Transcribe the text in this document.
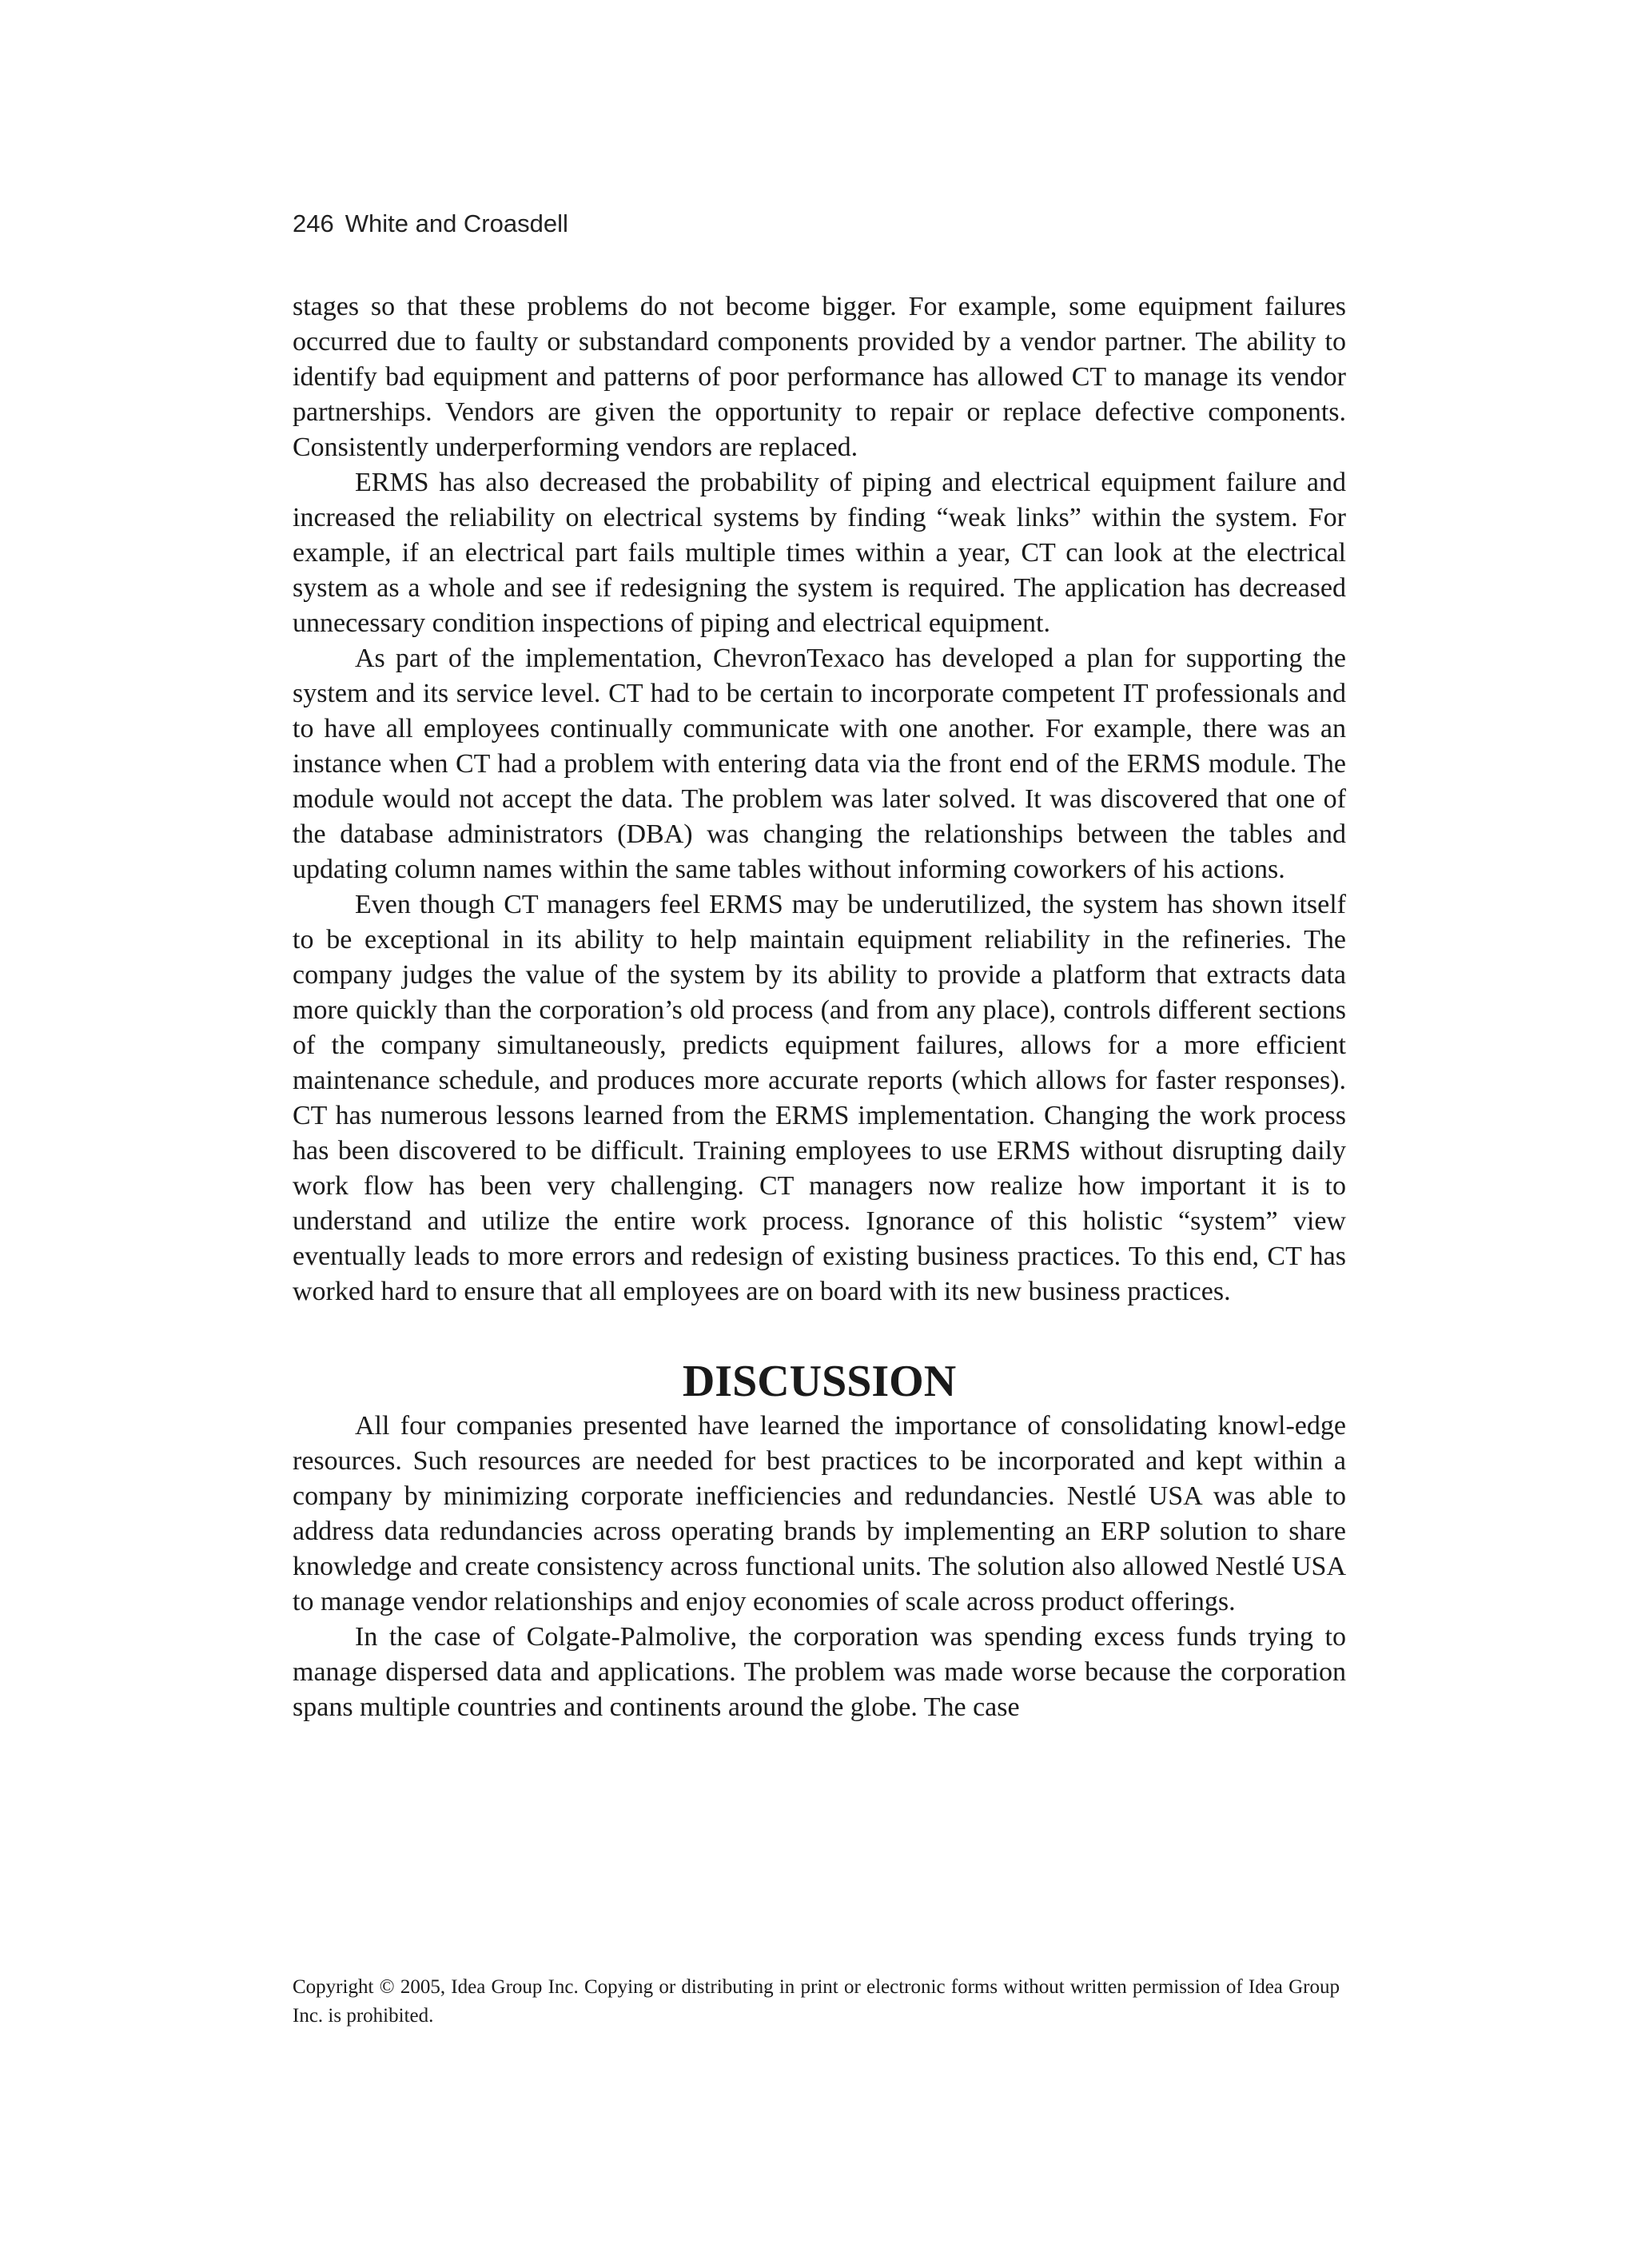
246 White and Croasdell

stages so that these problems do not become bigger. For example, some equipment failures occurred due to faulty or substandard components provided by a vendor partner. The ability to identify bad equipment and patterns of poor performance has allowed CT to manage its vendor partnerships. Vendors are given the opportunity to repair or replace defective components. Consistently underperforming vendors are replaced.

ERMS has also decreased the probability of piping and electrical equipment failure and increased the reliability on electrical systems by finding “weak links” within the system. For example, if an electrical part fails multiple times within a year, CT can look at the electrical system as a whole and see if redesigning the system is required. The application has decreased unnecessary condition inspections of piping and electrical equipment.

As part of the implementation, ChevronTexaco has developed a plan for supporting the system and its service level. CT had to be certain to incorporate competent IT professionals and to have all employees continually communicate with one another. For example, there was an instance when CT had a problem with entering data via the front end of the ERMS module. The module would not accept the data. The problem was later solved. It was discovered that one of the database administrators (DBA) was changing the relationships between the tables and updating column names within the same tables without informing coworkers of his actions.

Even though CT managers feel ERMS may be underutilized, the system has shown itself to be exceptional in its ability to help maintain equipment reliability in the refineries. The company judges the value of the system by its ability to provide a platform that extracts data more quickly than the corporation’s old process (and from any place), controls different sections of the company simultaneously, predicts equipment failures, allows for a more efficient maintenance schedule, and produces more accurate reports (which allows for faster responses). CT has numerous lessons learned from the ERMS implementation. Changing the work process has been discovered to be difficult. Training employees to use ERMS without disrupting daily work flow has been very challenging. CT managers now realize how important it is to understand and utilize the entire work process. Ignorance of this holistic “system” view eventually leads to more errors and redesign of existing business practices. To this end, CT has worked hard to ensure that all employees are on board with its new business practices.

DISCUSSION

All four companies presented have learned the importance of consolidating knowl-edge resources. Such resources are needed for best practices to be incorporated and kept within a company by minimizing corporate inefficiencies and redundancies. Nestlé USA was able to address data redundancies across operating brands by implementing an ERP solution to share knowledge and create consistency across functional units. The solution also allowed Nestlé USA to manage vendor relationships and enjoy economies of scale across product offerings.

In the case of Colgate-Palmolive, the corporation was spending excess funds trying to manage dispersed data and applications. The problem was made worse because the corporation spans multiple countries and continents around the globe. The case

Copyright © 2005, Idea Group Inc. Copying or distributing in print or electronic forms without written permission of Idea Group Inc. is prohibited.
